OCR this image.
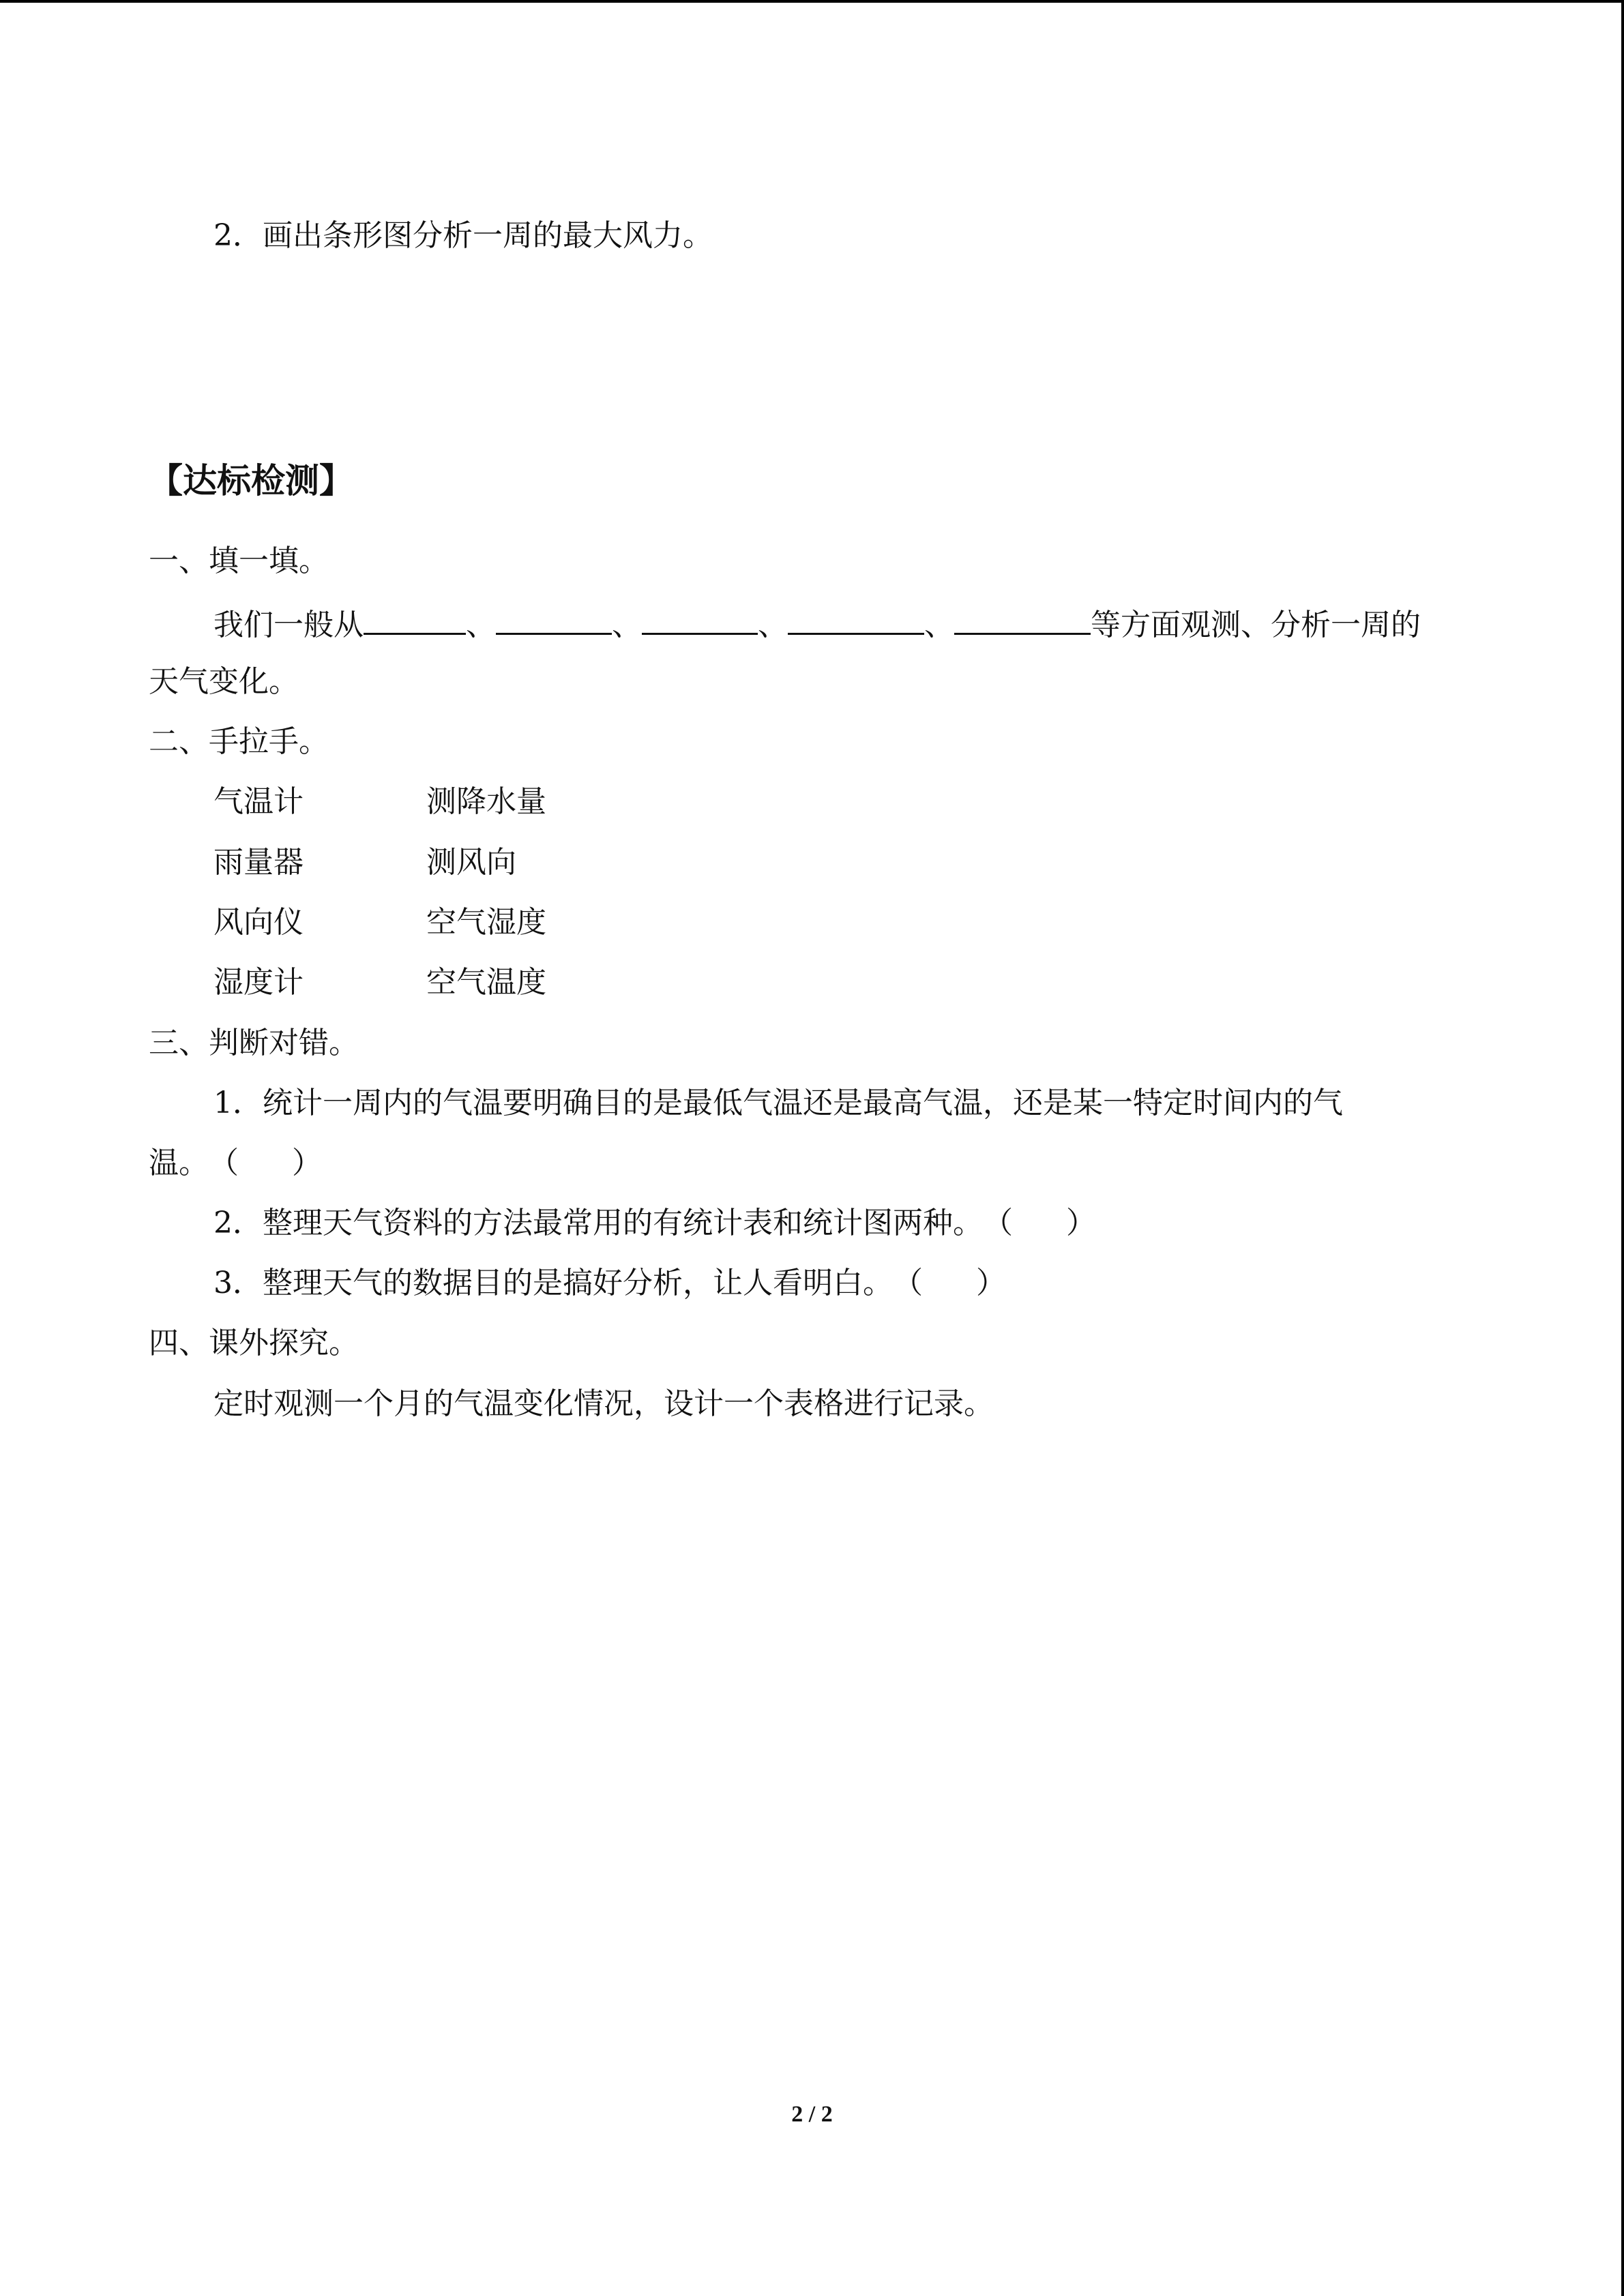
2．画出条形图分析一周的最大风力。
【达标检测】
一、填一填。
我们一般从	、	、	、	、	等方面观测、分析一周的
天气变化。
二、手拉手。
气温计	测降水量
雨量器	测风向
风向仪	空气湿度
湿度计	空气温度
三、判断对错。
1．统计一周内的气温要明确目的是最低气温还是最高气温，还是某一特定时间内的气
温。（ ）
2．整理天气资料的方法最常用的有统计表和统计图两种。（ ）
3．整理天气的数据目的是搞好分析，让人看明白。（ ）
四、课外探究。
定时观测一个月的气温变化情况，设计一个表格进行记录。
2 / 2
